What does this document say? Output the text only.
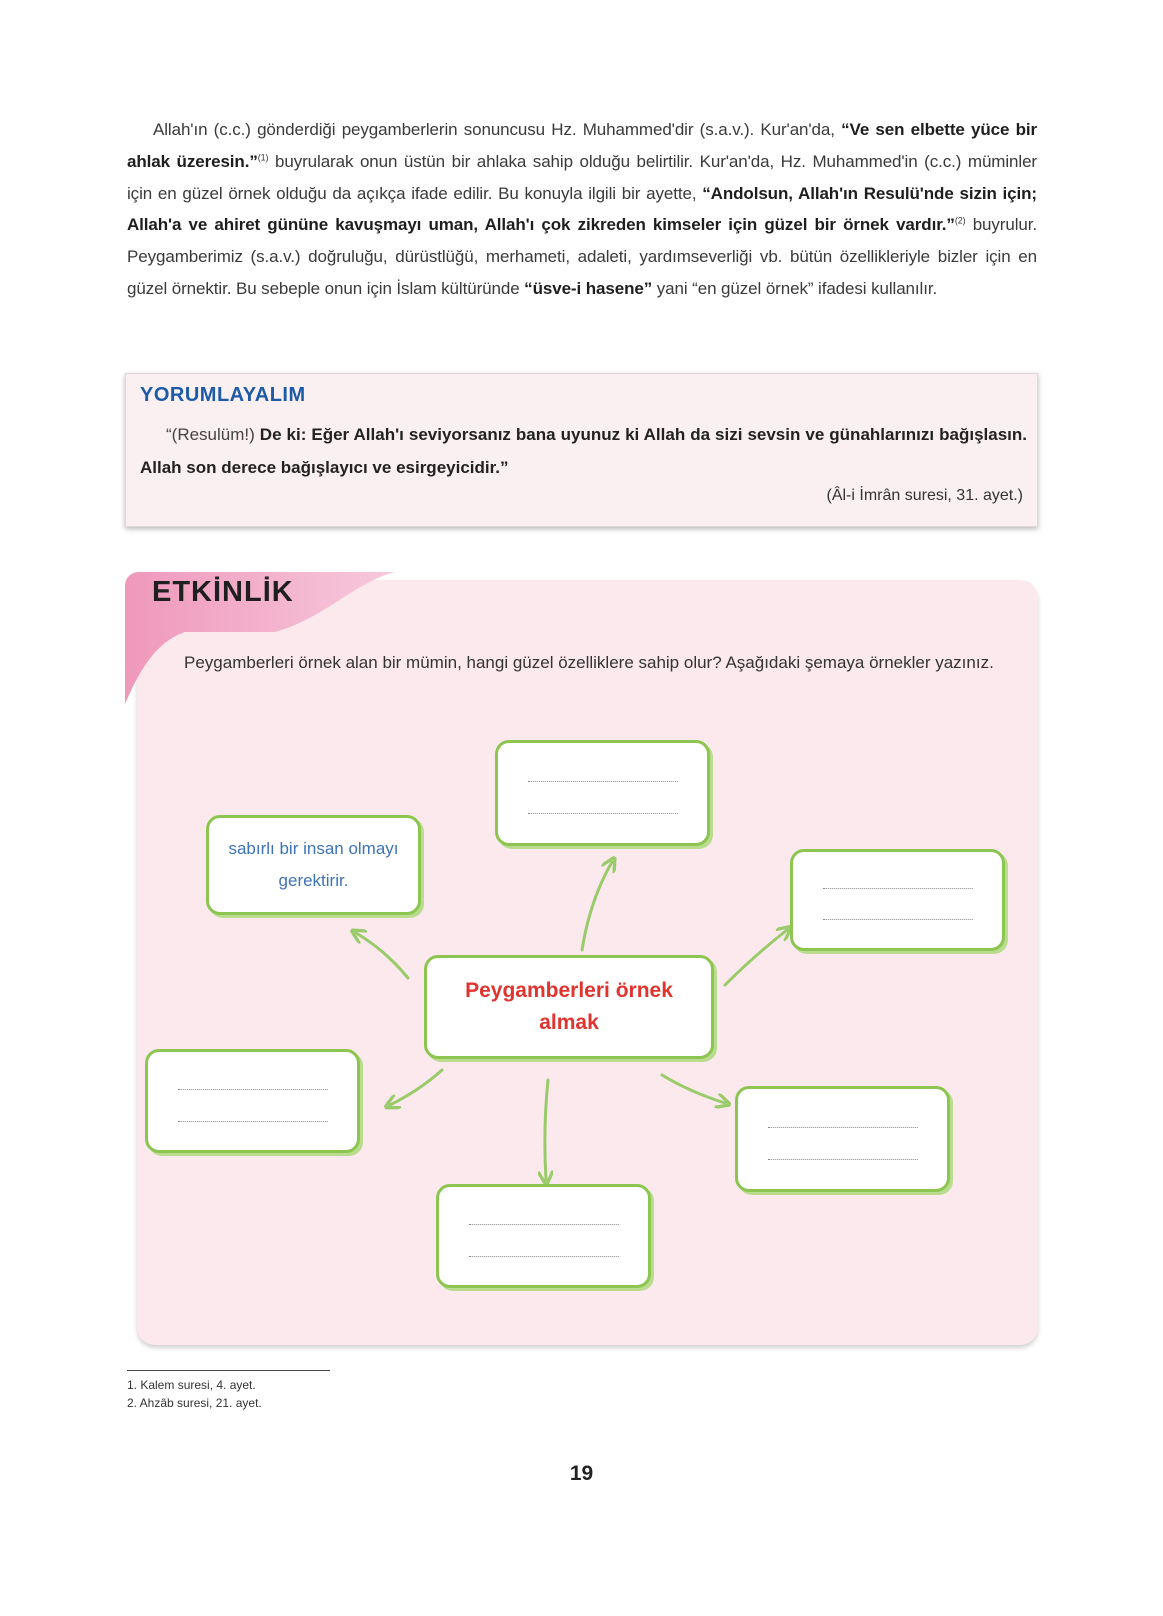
Allah'ın (c.c.) gönderdiği peygamberlerin sonuncusu Hz. Muhammed'dir (s.a.v.). Kur'an'da, “Ve sen elbette yüce bir ahlak üzeresin.”$^{(1)}$ buyrularak onun üstün bir ahlaka sahip olduğu belirtilir. Kur'an'da, Hz. Muhammed'in (c.c.) müminler için en güzel örnek olduğu da açıkça ifade edilir. Bu konuyla ilgili bir ayette, “Andolsun, Allah'ın Resulü'nde sizin için; Allah'a ve ahiret gününe kavuşmayı uman, Allah'ı çok zikreden kimseler için güzel bir örnek vardır.”$^{(2)}$ buyrulur. Peygamberimiz (s.a.v.) doğruluğu, dürüstlüğü, merhameti, adaleti, yardımseverliği vb. bütün özellikleriyle bizler için en güzel örnektir. Bu sebeple onun için İslam kültüründe “üsve-i hasene” yani “en güzel örnek” ifadesi kullanılır.

YORUMLAYALIM

“(Resulüm!) De ki: Eğer Allah'ı seviyorsanız bana uyunuz ki Allah da sizi sevsin ve günahlarınızı bağışlasın. Allah son derece bağışlayıcı ve esirgeyicidir.”

(Âl-i İmrân suresi, 31. ayet.)
ETKİNLİK

Peygamberleri örnek alan bir mümin, hangi güzel özelliklere sahip olur? Aşağıdaki şemaya örnekler yazınız.

sabırlı bir insan olmayı gerektirir.
Peygamberleri örnek almak
1. Kalem suresi, 4. ayet.
2. Ahzâb suresi, 21. ayet.
19
